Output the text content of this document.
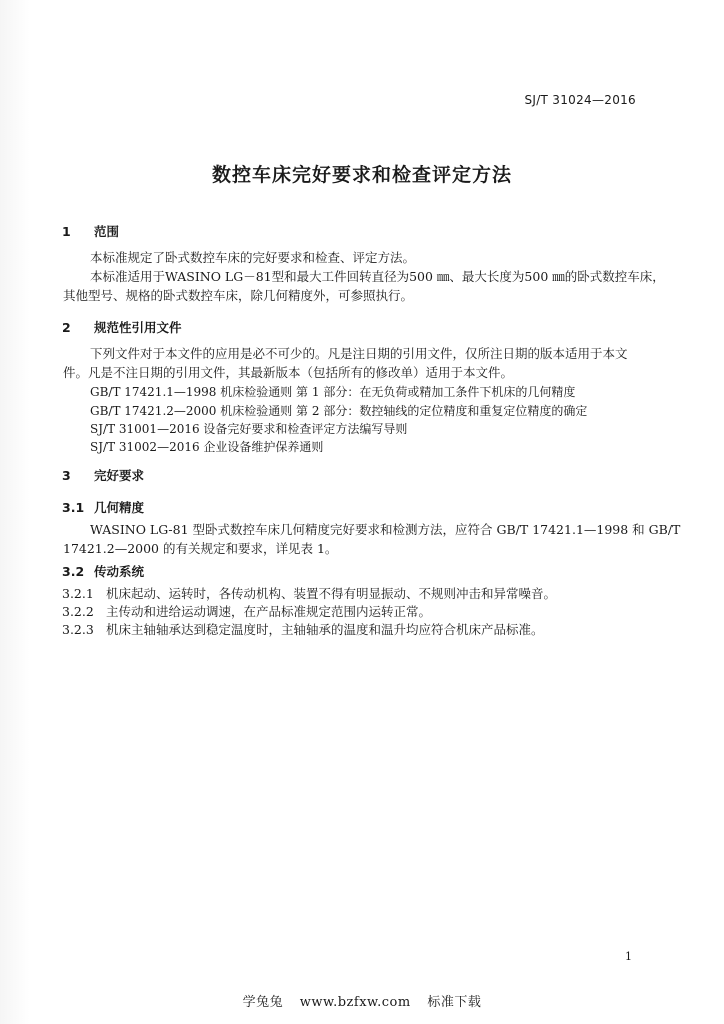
SJ/T 31024—2016
数控车床完好要求和检查评定方法
1 范围
本标准规定了卧式数控车床的完好要求和检查、评定方法。
本标准适用于WASINO LG－81型和最大工件回转直径为500 ㎜、最大长度为500 ㎜的卧式数控车床，
其他型号、规格的卧式数控车床，除几何精度外，可参照执行。
2 规范性引用文件
下列文件对于本文件的应用是必不可少的。凡是注日期的引用文件，仅所注日期的版本适用于本文
件。凡是不注日期的引用文件，其最新版本（包括所有的修改单）适用于本文件。
GB/T 17421.1—1998 机床检验通则 第 1 部分：在无负荷或精加工条件下机床的几何精度
GB/T 17421.2—2000 机床检验通则 第 2 部分：数控轴线的定位精度和重复定位精度的确定
SJ/T 31001—2016 设备完好要求和检查评定方法编写导则
SJ/T 31002—2016 企业设备维护保养通则
3 完好要求
3.1 几何精度
WASINO LG-81 型卧式数控车床几何精度完好要求和检测方法，应符合 GB/T 17421.1—1998 和 GB/T
17421.2—2000 的有关规定和要求，详见表 1。
3.2 传动系统
3.2.1 机床起动、运转时，各传动机构、装置不得有明显振动、不规则冲击和异常噪音。
3.2.2 主传动和进给运动调速，在产品标准规定范围内运转正常。
3.2.3 机床主轴轴承达到稳定温度时，主轴轴承的温度和温升均应符合机床产品标准。
1
学兔兔 www.bzfxw.com 标准下载
